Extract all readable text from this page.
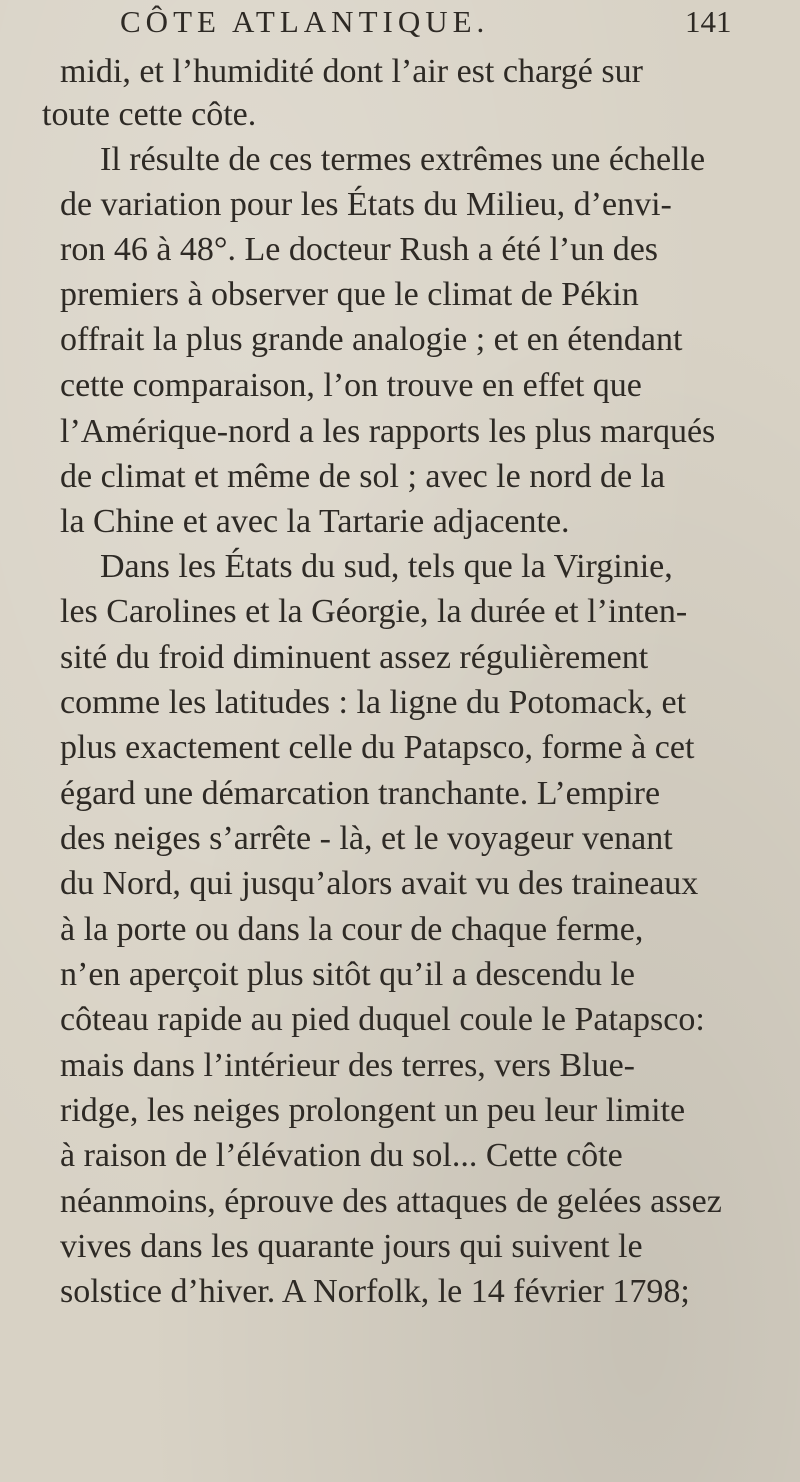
CÔTE ATLANTIQUE.	141
midi, et l’humidité dont l’air est chargé sur
toute cette côte.
Il résulte de ces termes extrêmes une échelle
de variation pour les États du Milieu, d’envi-
ron 46 à 48°. Le docteur Rush a été l’un des
premiers à observer que le climat de Pékin
offrait la plus grande analogie ; et en étendant
cette comparaison, l’on trouve en effet que
l’Amérique-nord a les rapports les plus marqués
de climat et même de sol ; avec le nord de la
la Chine et avec la Tartarie adjacente.
Dans les États du sud, tels que la Virginie,
les Carolines et la Géorgie, la durée et l’inten-
sité du froid diminuent assez régulièrement
comme les latitudes : la ligne du Potomack, et
plus exactement celle du Patapsco, forme à cet
égard une démarcation tranchante. L’empire
des neiges s’arrête - là, et le voyageur venant
du Nord, qui jusqu’alors avait vu des traineaux
à la porte ou dans la cour de chaque ferme,
n’en aperçoit plus sitôt qu’il a descendu le
côteau rapide au pied duquel coule le Patapsco:
mais dans l’intérieur des terres, vers Blue-
ridge, les neiges prolongent un peu leur limite
à raison de l’élévation du sol... Cette côte
néanmoins, éprouve des attaques de gelées assez
vives dans les quarante jours qui suivent le
solstice d’hiver. A Norfolk, le 14 février 1798;
